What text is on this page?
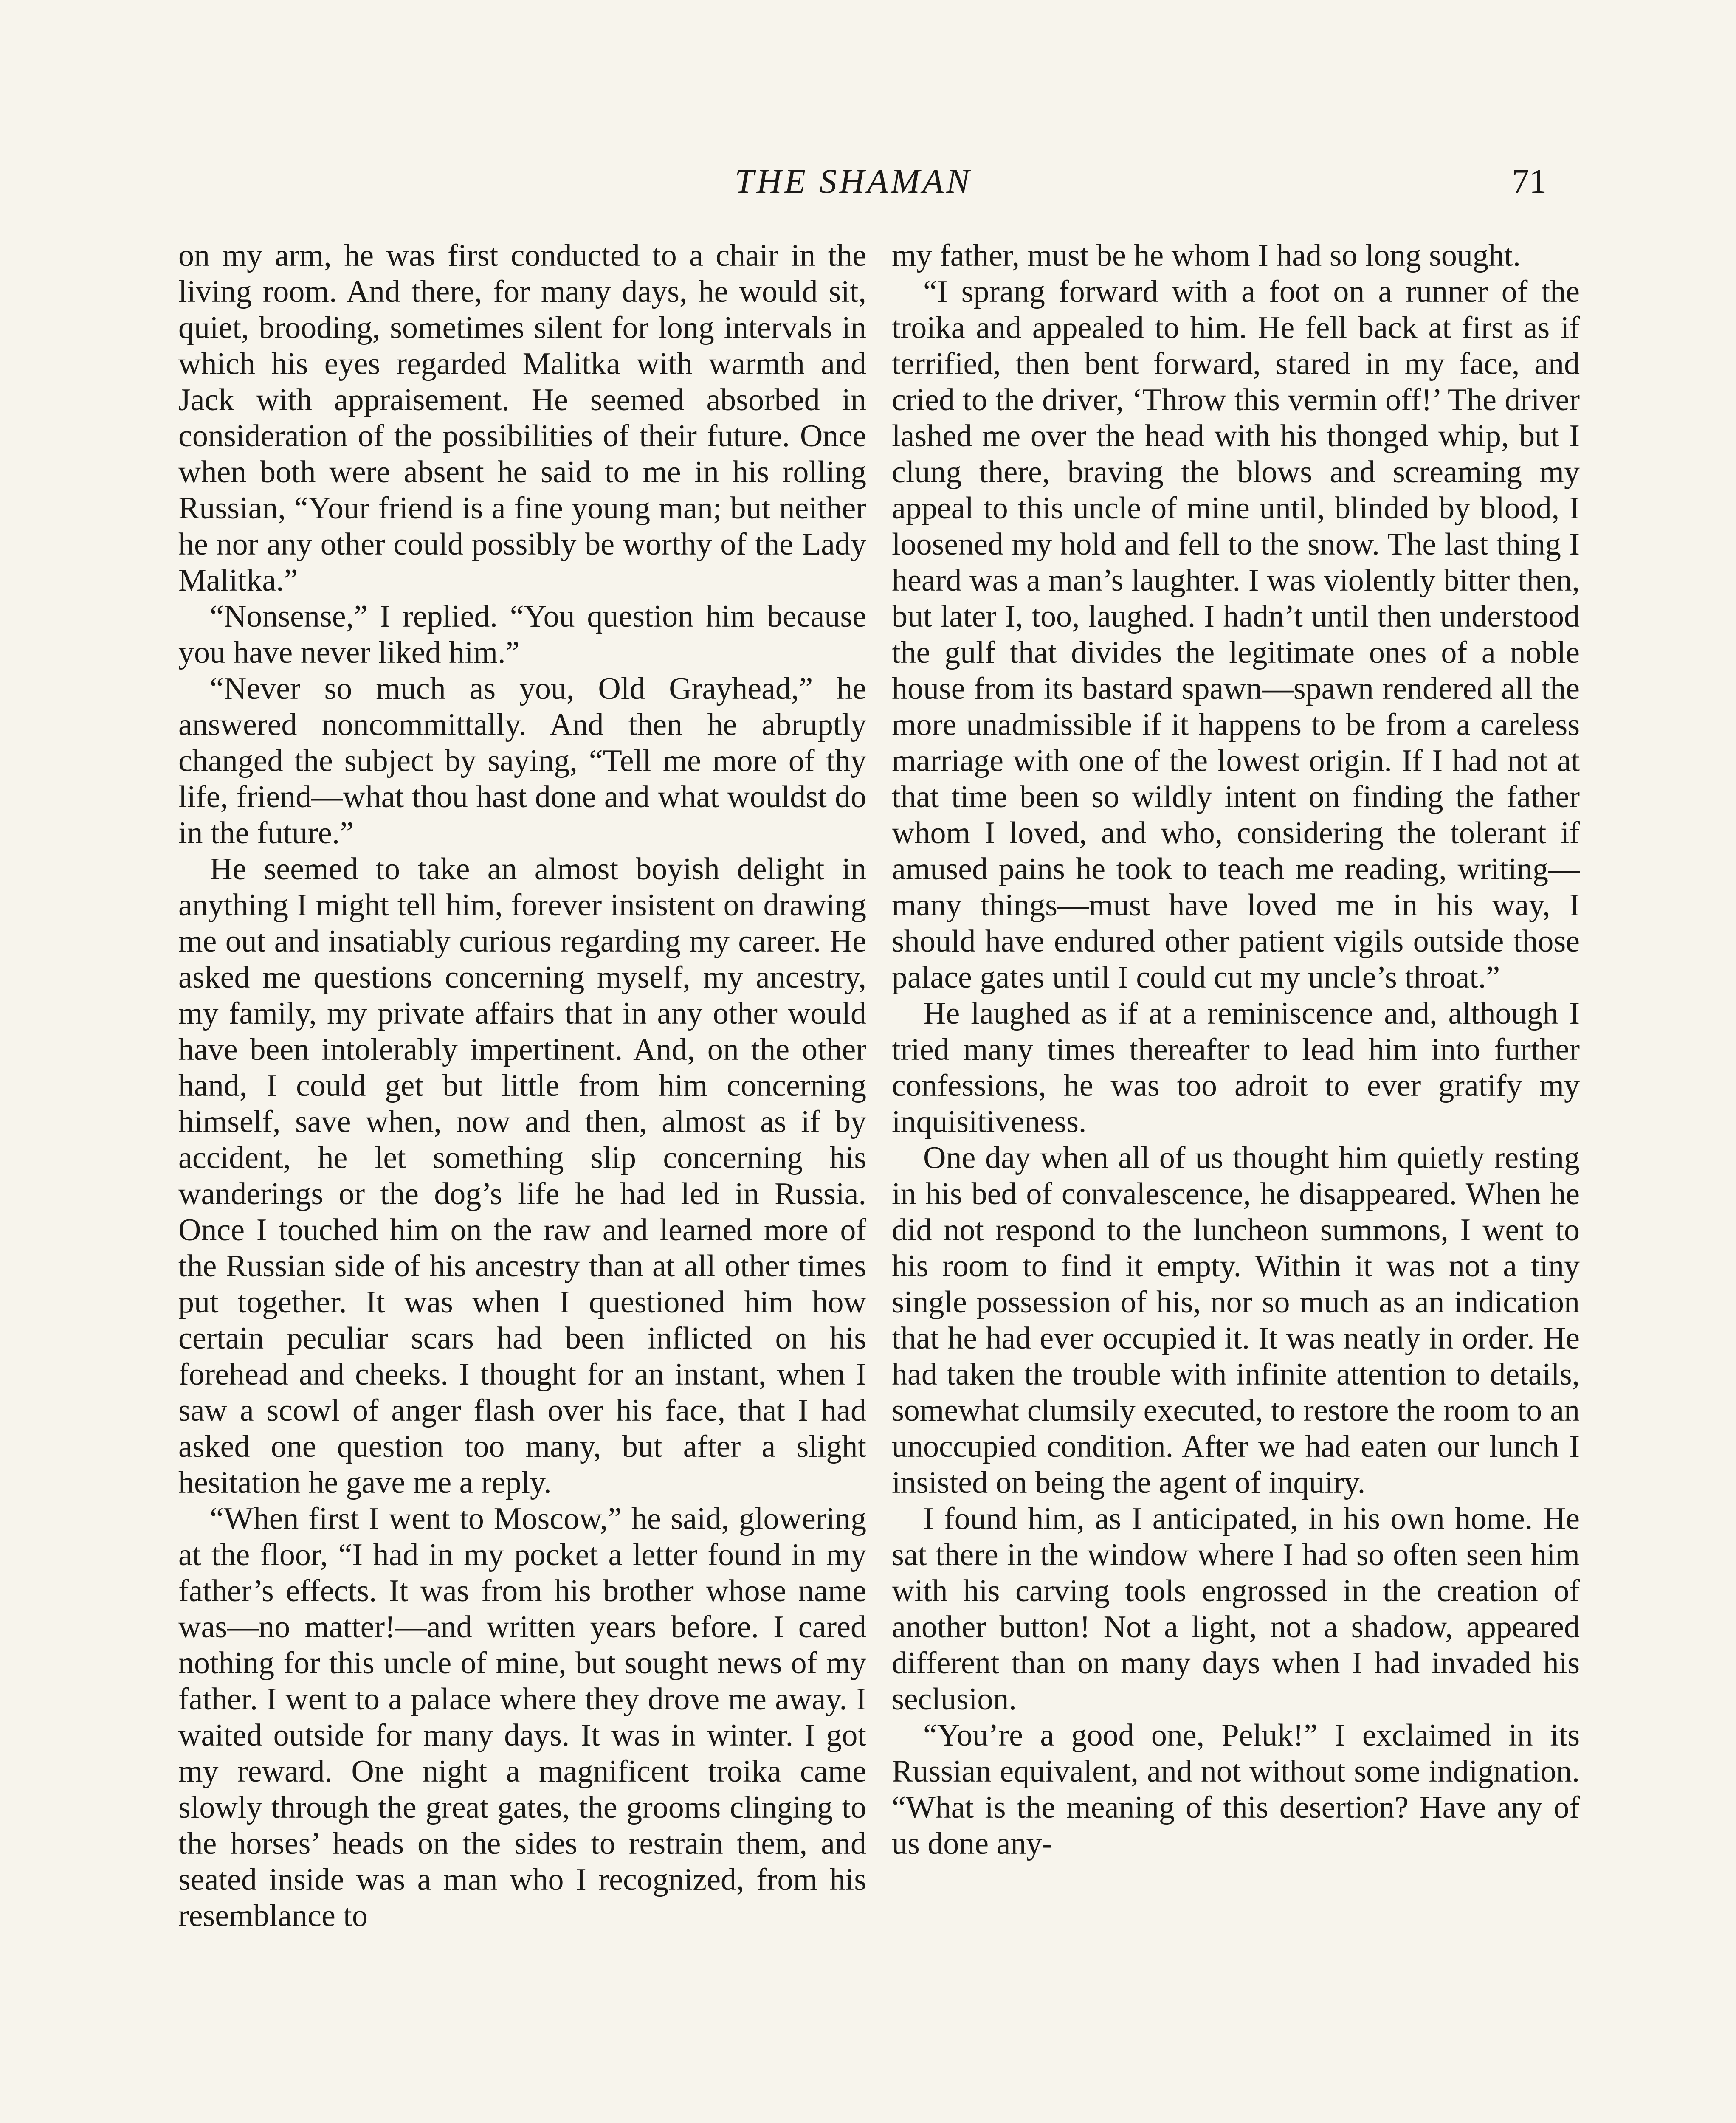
THE SHAMAN	71

on my arm, he was first conducted to a chair in the living room. And there, for many days, he would sit, quiet, brooding, sometimes silent for long intervals in which his eyes regarded Malitka with warmth and Jack with appraisement. He seemed absorbed in consideration of the possibilities of their future. Once when both were absent he said to me in his rolling Russian, “Your friend is a fine young man; but neither he nor any other could possibly be worthy of the Lady Malitka.”

“Nonsense,” I replied. “You question him because you have never liked him.”

“Never so much as you, Old Grayhead,” he answered noncommittally. And then he abruptly changed the subject by saying, “Tell me more of thy life, friend—what thou hast done and what wouldst do in the future.”

He seemed to take an almost boyish delight in anything I might tell him, forever insistent on drawing me out and insatiably curious regarding my career. He asked me questions concerning myself, my ancestry, my family, my private affairs that in any other would have been intolerably impertinent. And, on the other hand, I could get but little from him concerning himself, save when, now and then, almost as if by accident, he let something slip concerning his wanderings or the dog’s life he had led in Russia. Once I touched him on the raw and learned more of the Russian side of his ancestry than at all other times put together. It was when I questioned him how certain peculiar scars had been inflicted on his forehead and cheeks. I thought for an instant, when I saw a scowl of anger flash over his face, that I had asked one question too many, but after a slight hesitation he gave me a reply.

“When first I went to Moscow,” he said, glowering at the floor, “I had in my pocket a letter found in my father’s effects. It was from his brother whose name was—no matter!—and written years before. I cared nothing for this uncle of mine, but sought news of my father. I went to a palace where they drove me away. I waited outside for many days. It was in winter. I got my reward. One night a magnificent troika came slowly through the great gates, the grooms clinging to the horses’ heads on the sides to restrain them, and seated inside was a man who I recognized, from his resemblance to

my father, must be he whom I had so long sought.

“I sprang forward with a foot on a runner of the troika and appealed to him. He fell back at first as if terrified, then bent forward, stared in my face, and cried to the driver, ‘Throw this vermin off!’ The driver lashed me over the head with his thonged whip, but I clung there, braving the blows and screaming my appeal to this uncle of mine until, blinded by blood, I loosened my hold and fell to the snow. The last thing I heard was a man’s laughter. I was violently bitter then, but later I, too, laughed. I hadn’t until then understood the gulf that divides the legitimate ones of a noble house from its bastard spawn—spawn rendered all the more unadmissible if it happens to be from a careless marriage with one of the lowest origin. If I had not at that time been so wildly intent on finding the father whom I loved, and who, considering the tolerant if amused pains he took to teach me reading, writing—many things—must have loved me in his way, I should have endured other patient vigils outside those palace gates until I could cut my uncle’s throat.”

He laughed as if at a reminiscence and, although I tried many times thereafter to lead him into further confessions, he was too adroit to ever gratify my inquisitiveness.

One day when all of us thought him quietly resting in his bed of convalescence, he disappeared. When he did not respond to the luncheon summons, I went to his room to find it empty. Within it was not a tiny single possession of his, nor so much as an indication that he had ever occupied it. It was neatly in order. He had taken the trouble with infinite attention to details, somewhat clumsily executed, to restore the room to an unoccupied condition. After we had eaten our lunch I insisted on being the agent of inquiry.

I found him, as I anticipated, in his own home. He sat there in the window where I had so often seen him with his carving tools engrossed in the creation of another button! Not a light, not a shadow, appeared different than on many days when I had invaded his seclusion.

“You’re a good one, Peluk!” I exclaimed in its Russian equivalent, and not without some indignation. “What is the meaning of this desertion? Have any of us done any-
